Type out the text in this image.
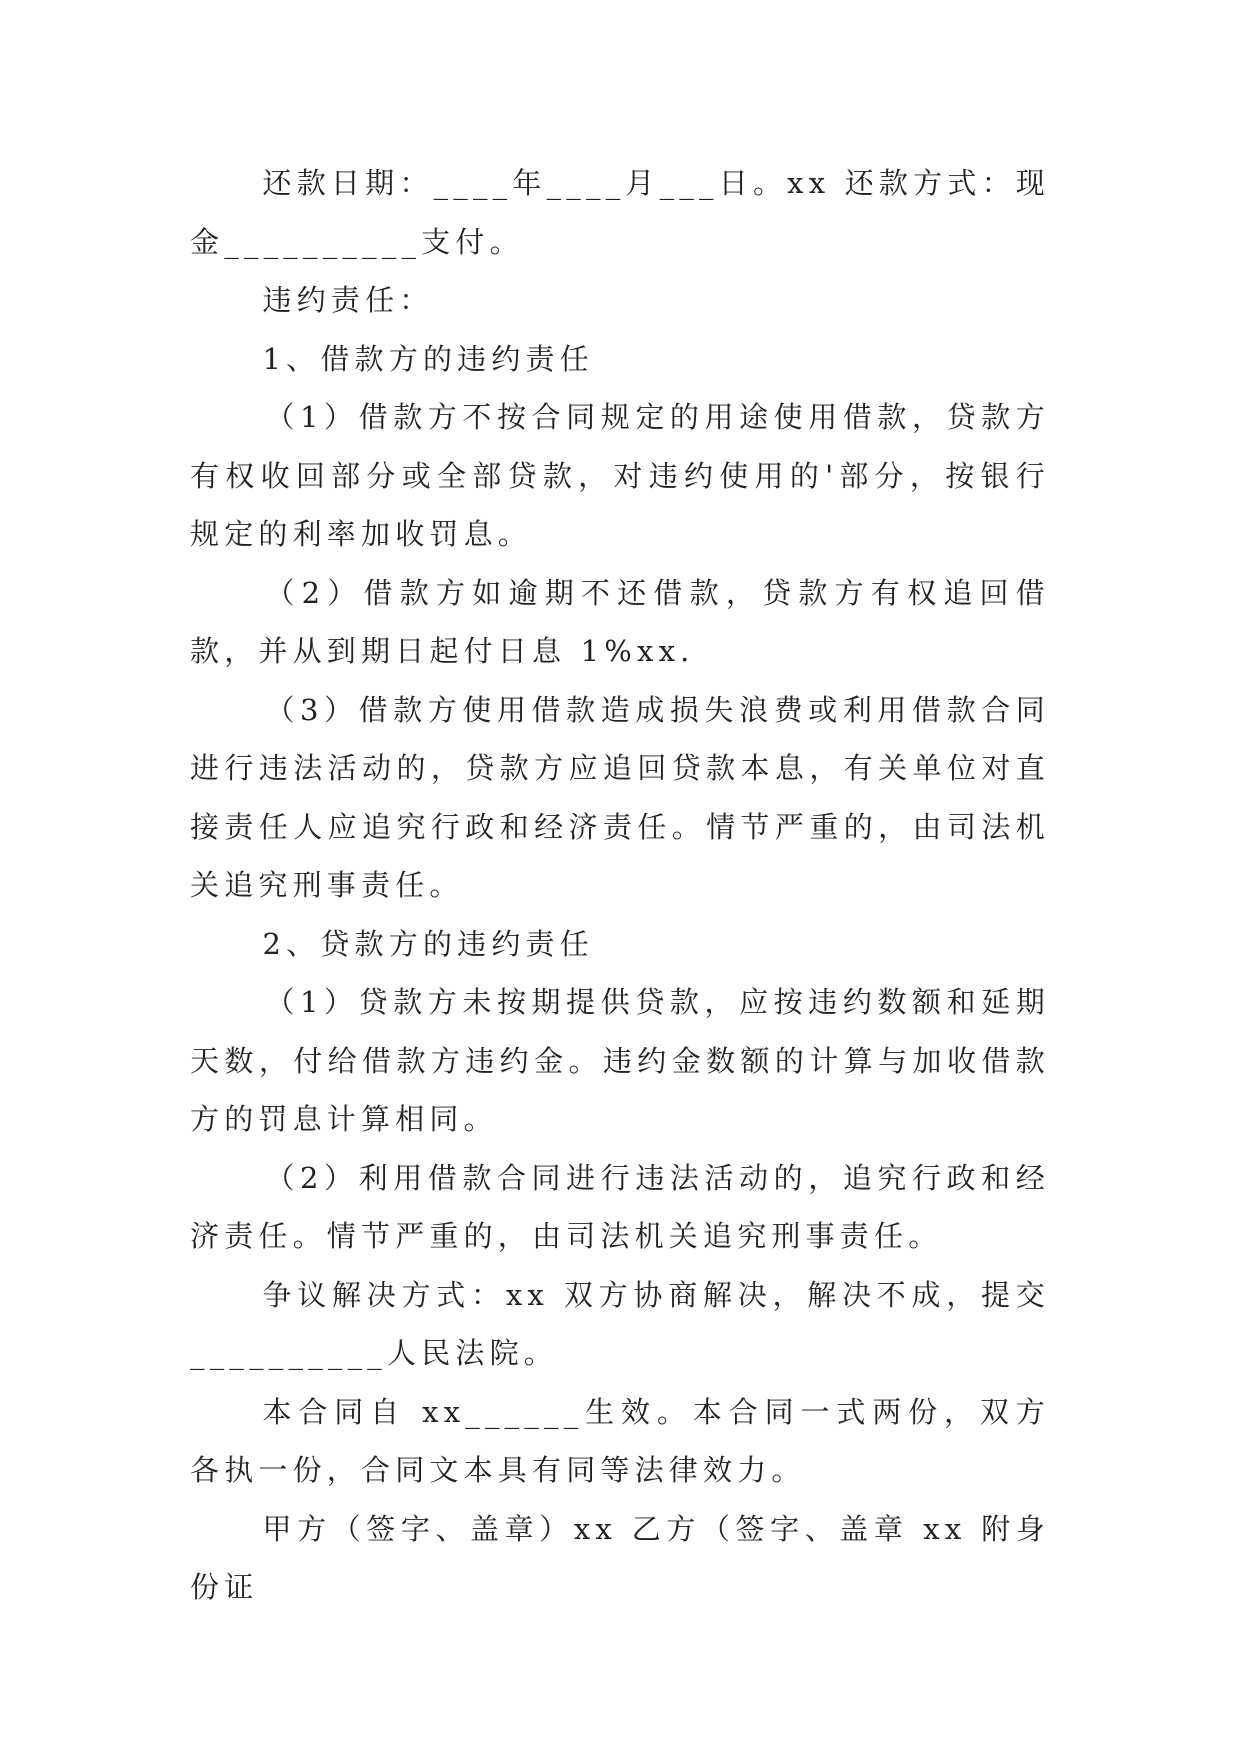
还款日期：____年____月___日。xx 还款方式：现金__________支付。

违约责任：

1、借款方的违约责任

（1）借款方不按合同规定的用途使用借款，贷款方有权收回部分或全部贷款，对违约使用的'部分，按银行规定的利率加收罚息。

（2）借款方如逾期不还借款，贷款方有权追回借款，并从到期日起付日息 1%xx.

（3）借款方使用借款造成损失浪费或利用借款合同进行违法活动的，贷款方应追回贷款本息，有关单位对直接责任人应追究行政和经济责任。情节严重的，由司法机关追究刑事责任。

2、贷款方的违约责任

（1）贷款方未按期提供贷款，应按违约数额和延期天数，付给借款方违约金。违约金数额的计算与加收借款方的罚息计算相同。

（2）利用借款合同进行违法活动的，追究行政和经济责任。情节严重的，由司法机关追究刑事责任。

争议解决方式：xx 双方协商解决，解决不成，提交__________人民法院。

本合同自 xx______生效。本合同一式两份，双方各执一份，合同文本具有同等法律效力。

甲方（签字、盖章）xx 乙方（签字、盖章 xx 附身份证
